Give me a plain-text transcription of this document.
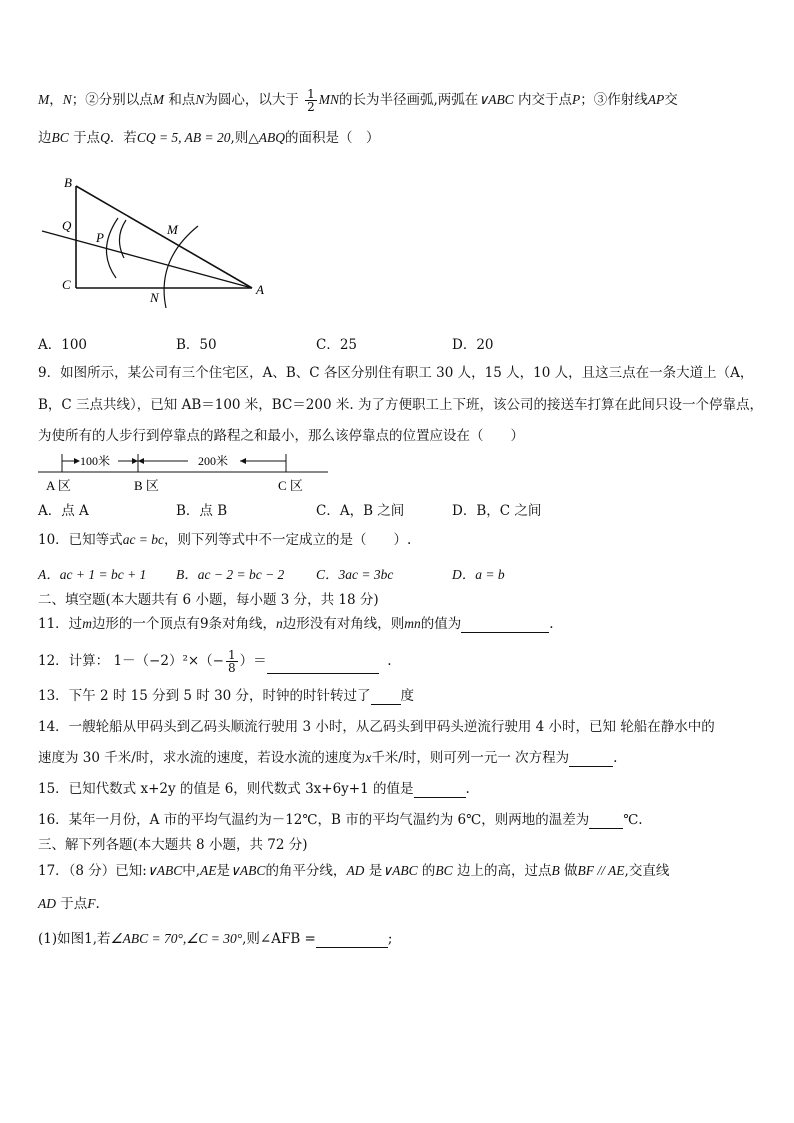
M，N；②分别以点M 和点N为圆心，以大于 $\frac{1}{2}$ MN的长为半径画弧,两弧在∨ABC 内交于点P；③作射线AP交
边BC 于点Q．若CQ = 5, AB = 20,则△ABQ的面积是（　）
B
Q
P
M
C
N
A
A．100	B．50	C．25	D．20
9．如图所示，某公司有三个住宅区，A、B、C 各区分别住有职工 30 人，15 人，10 人，且这三点在一条大道上（A，
B，C 三点共线），已知 AB＝100 米，BC＝200 米. 为了方便职工上下班，该公司的接送车打算在此间只设一个停靠点，
为使所有的人步行到停靠点的路程之和最小，那么该停靠点的位置应设在（　　）
100米	200米
A 区	B 区	C 区
A．点 A	B．点 B	C．A，B 之间	D．B，C 之间
10．已知等式ac = bc，则下列等式中不一定成立的是（　　）.
A．ac + 1 = bc + 1 B．ac − 2 = bc − 2 C．3ac = 3bc	D．a = b
二、填空题(本大题共有 6 小题，每小题 3 分，共 18 分)
11．过m边形的一个顶点有9条对角线，n边形没有对角线，则mn的值为	.
12．计算： $1-(-2)^2\times(- \frac{1}{8}$ ）＝	.
13．下午 2 时 15 分到 5 时 30 分，时钟的时针转过了 度
14．一艘轮船从甲码头到乙码头顺流行驶用 3 小时，从乙码头到甲码头逆流行驶用 4 小时，已知 轮船在静水中的
速度为 30 千米/时，求水流的速度，若设水流的速度为x千米/时，则可列一元一 次方程为	.
15．已知代数式 x+2y 的值是 6，则代数式 3x+6y+1 的值是	.
16．某年一月份，A 市的平均气温约为－12℃，B 市的平均气温约为 6℃，则两地的温差为	℃.
三、解下列各题(本大题共 8 小题，共 72 分)
17．（8 分）已知:∨ABC中,AE是∨ABC的角平分线，AD 是∨ABC 的BC 边上的高，过点B 做BF // AE,交直线
AD 于点F.
(1)如图1,若∠ABC = 70°,∠C = 30°,则∠AFB =	;
